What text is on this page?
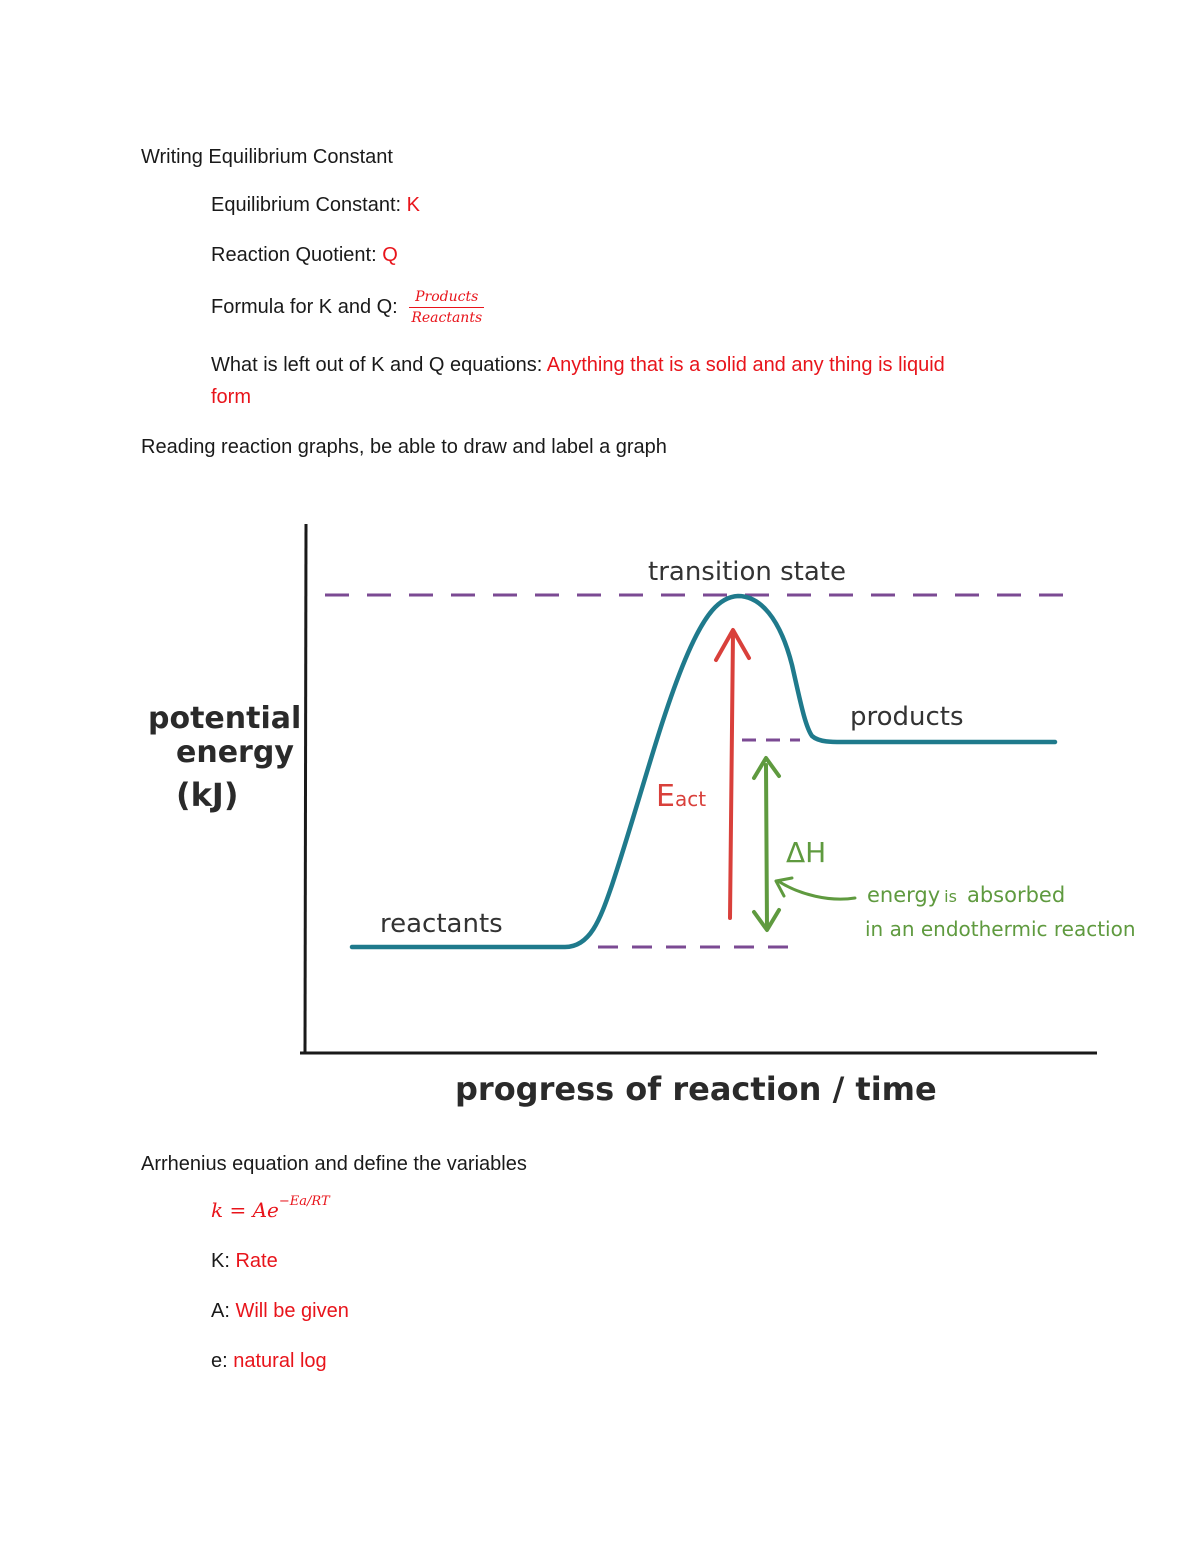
Writing Equilibrium Constant
Equilibrium Constant: K
Reaction Quotient: Q
Formula for K and Q: $\frac{\text{Products}}{\text{Reactants}}$
What is left out of K and Q equations: Anything that is a solid and any thing is liquid
form
Reading reaction graphs, be able to draw and label a graph
transition state
products
reactants
potential
energy
(kJ)
progress of reaction / time
Eact
ΔH
energy is absorbed
in an endothermic reaction
Arrhenius equation and define the variables
$k = Ae^{-Ea/RT}$
K: Rate
A: Will be given
e: natural log
